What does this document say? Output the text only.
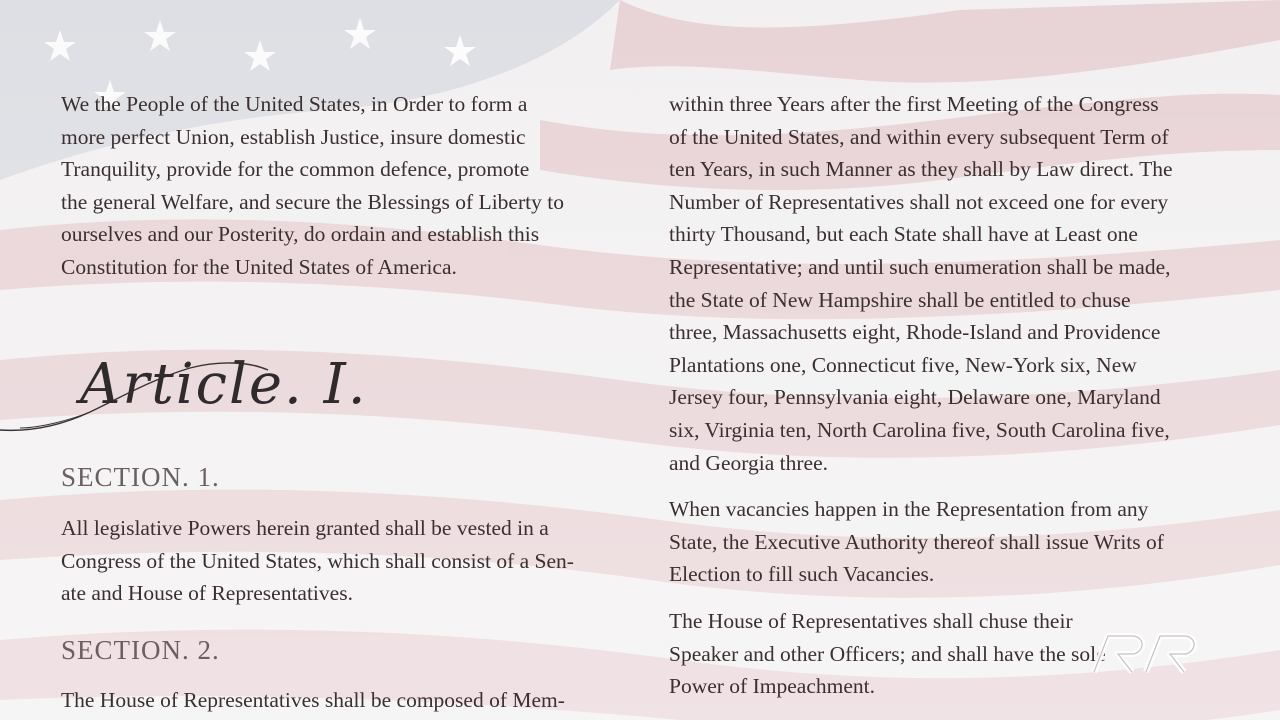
We the People of the United States, in Order to form a
more perfect Union, establish Justice, insure domestic
Tranquility, provide for the common defence, promote
the general Welfare, and secure the Blessings of Liberty to
ourselves and our Posterity, do ordain and establish this
Constitution for the United States of America.

Article. I.
SECTION. 1.

All legislative Powers herein granted shall be vested in a
Congress of the United States, which shall consist of a Sen-
ate and House of Representatives.

SECTION. 2.

The House of Representatives shall be composed of Mem-

within three Years after the first Meeting of the Congress
of the United States, and within every subsequent Term of
ten Years, in such Manner as they shall by Law direct. The
Number of Representatives shall not exceed one for every
thirty Thousand, but each State shall have at Least one
Representative; and until such enumeration shall be made,
the State of New Hampshire shall be entitled to chuse
three, Massachusetts eight, Rhode-Island and Providence
Plantations one, Connecticut five, New-York six, New
Jersey four, Pennsylvania eight, Delaware one, Maryland
six, Virginia ten, North Carolina five, South Carolina five,
and Georgia three.

When vacancies happen in the Representation from any
State, the Executive Authority thereof shall issue Writs of
Election to fill such Vacancies.

The House of Representatives shall chuse their
Speaker and other Officers; and shall have the sole
Power of Impeachment.
